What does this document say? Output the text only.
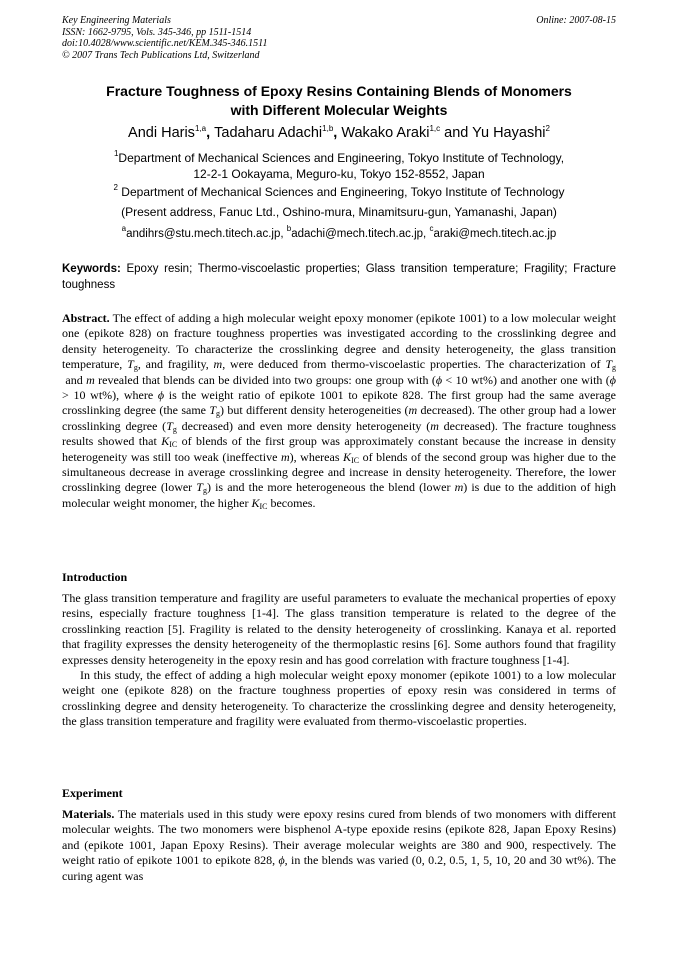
Key Engineering Materials
ISSN: 1662-9795, Vols. 345-346, pp 1511-1514
doi:10.4028/www.scientific.net/KEM.345-346.1511
© 2007 Trans Tech Publications Ltd, Switzerland
Online: 2007-08-15
Fracture Toughness of Epoxy Resins Containing Blends of Monomers
with Different Molecular Weights
Andi Haris$^{1,a}$, Tadaharu Adachi$^{1,b}$, Wakako Araki$^{1,c}$ and Yu Hayashi$^2$
$^1$Department of Mechanical Sciences and Engineering, Tokyo Institute of Technology,
12-2-1 Ookayama, Meguro-ku, Tokyo 152-8552, Japan
$^2$ Department of Mechanical Sciences and Engineering, Tokyo Institute of Technology
(Present address, Fanuc Ltd., Oshino-mura, Minamitsuru-gun, Yamanashi, Japan)
$^a$andihrs@stu.mech.titech.ac.jp, $^b$adachi@mech.titech.ac.jp, $^c$araki@mech.titech.ac.jp
Keywords: Epoxy resin; Thermo-viscoelastic properties; Glass transition temperature; Fragility; Fracture toughness
Abstract. The effect of adding a high molecular weight epoxy monomer (epikote 1001) to a low molecular weight one (epikote 828) on fracture toughness properties was investigated according to the crosslinking degree and density heterogeneity. To characterize the crosslinking degree and density heterogeneity, the glass transition temperature, $T_g$, and fragility, m, were deduced from thermo-viscoelastic properties. The characterization of $T_g$ and m revealed that blends can be divided into two groups: one group with (ϕ < 10 wt%) and another one with (ϕ > 10 wt%), where ϕ is the weight ratio of epikote 1001 to epikote 828. The first group had the same average crosslinking degree (the same $T_g$) but different density heterogeneities (m decreased). The other group had a lower crosslinking degree ($T_g$ decreased) and even more density heterogeneity (m decreased). The fracture toughness results showed that $K_{IC}$ of blends of the first group was approximately constant because the increase in density heterogeneity was still too weak (ineffective m), whereas $K_{IC}$ of blends of the second group was higher due to the simultaneous decrease in average crosslinking degree and increase in density heterogeneity. Therefore, the lower crosslinking degree (lower $T_g$) is and the more heterogeneous the blend (lower m) is due to the addition of high molecular weight monomer, the higher $K_{IC}$ becomes.
Introduction

The glass transition temperature and fragility are useful parameters to evaluate the mechanical properties of epoxy resins, especially fracture toughness [1-4]. The glass transition temperature is related to the degree of the crosslinking reaction [5]. Fragility is related to the density heterogeneity of crosslinking. Kanaya et al. reported that fragility expresses the density heterogeneity of the thermoplastic resins [6]. Some authors found that fragility expresses density heterogeneity in the epoxy resin and has good correlation with fracture toughness [1-4].

In this study, the effect of adding a high molecular weight epoxy monomer (epikote 1001) to a low molecular weight one (epikote 828) on the fracture toughness properties of epoxy resin was considered in terms of crosslinking degree and density heterogeneity. To characterize the crosslinking degree and density heterogeneity, the glass transition temperature and fragility were evaluated from thermo-viscoelastic properties.

Experiment
Materials. The materials used in this study were epoxy resins cured from blends of two monomers with different molecular weights. The two monomers were bisphenol A-type epoxide resins (epikote 828, Japan Epoxy Resins) and (epikote 1001, Japan Epoxy Resins). Their average molecular weights are 380 and 900, respectively. The weight ratio of epikote 1001 to epikote 828, ϕ, in the blends was varied (0, 0.2, 0.5, 1, 5, 10, 20 and 30 wt%). The curing agent was
